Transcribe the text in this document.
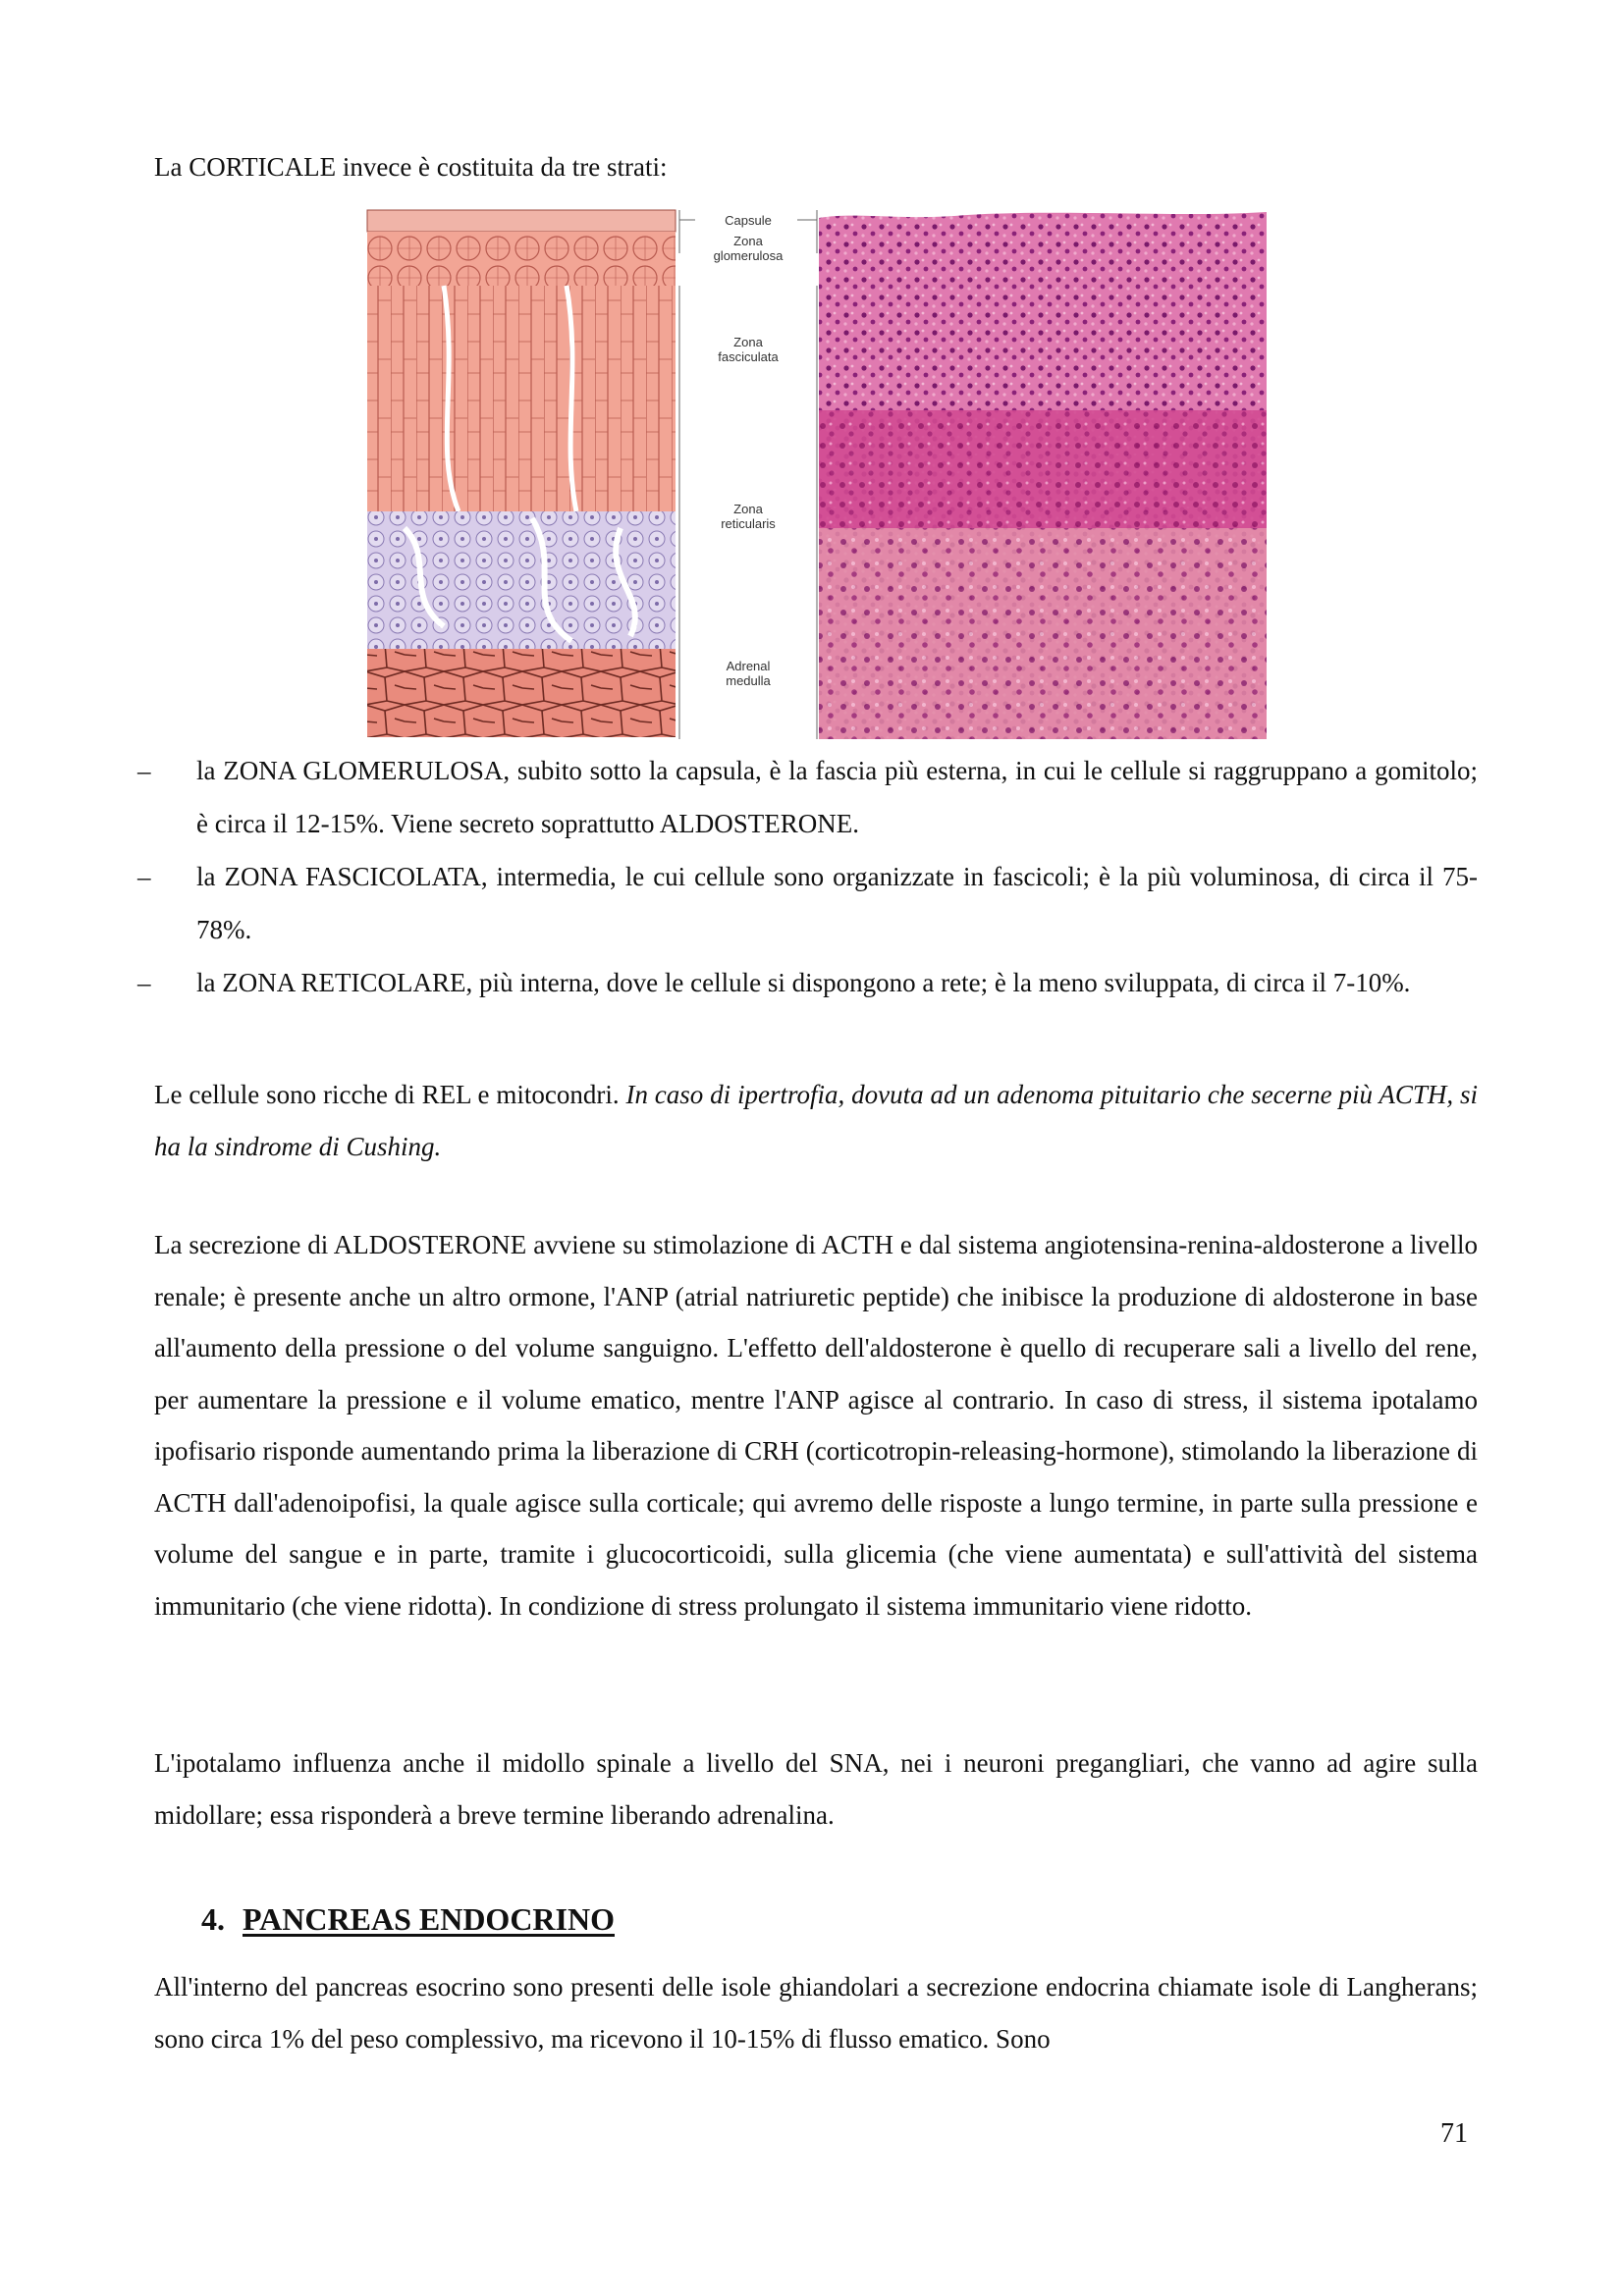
La CORTICALE invece è costituita da tre strati:
Capsule
Zona
glomerulosa
Zona
fasciculata
Zona
reticularis
Adrenal
medulla
–	la ZONA GLOMERULOSA, subito sotto la capsula, è la fascia più esterna, in cui le cellule si raggruppano a gomitolo; è circa il 12-15%. Viene secreto soprattutto ALDOSTERONE.
–	la ZONA FASCICOLATA, intermedia, le cui cellule sono organizzate in fascicoli; è la più voluminosa, di circa il 75-78%.
–	la ZONA RETICOLARE, più interna, dove le cellule si dispongono a rete; è la meno sviluppata, di circa il 7-10%.

Le cellule sono ricche di REL e mitocondri. In caso di ipertrofia, dovuta ad un adenoma pituitario che secerne più ACTH, si ha la sindrome di Cushing.

La secrezione di ALDOSTERONE avviene su stimolazione di ACTH e dal sistema angiotensina-renina-aldosterone a livello renale; è presente anche un altro ormone, l'ANP (atrial natriuretic peptide) che inibisce la produzione di aldosterone in base all'aumento della pressione o del volume sanguigno. L'effetto dell'aldosterone è quello di recuperare sali a livello del rene, per aumentare la pressione e il volume ematico, mentre l'ANP agisce al contrario. In caso di stress, il sistema ipotalamo ipofisario risponde aumentando prima la liberazione di CRH (corticotropin-releasing-hormone), stimolando la liberazione di ACTH dall'adenoipofisi, la quale agisce sulla corticale; qui avremo delle risposte a lungo termine, in parte sulla pressione e volume del sangue e in parte, tramite i glucocorticoidi, sulla glicemia (che viene aumentata) e sull'attività del sistema immunitario (che viene ridotta). In condizione di stress prolungato il sistema immunitario viene ridotto.

L'ipotalamo influenza anche il midollo spinale a livello del SNA, nei i neuroni pregangliari, che vanno ad agire sulla midollare; essa risponderà a breve termine liberando adrenalina.

4. PANCREAS ENDOCRINO

All'interno del pancreas esocrino sono presenti delle isole ghiandolari a secrezione endocrina chiamate isole di Langherans; sono circa 1% del peso complessivo, ma ricevono il 10-15% di flusso ematico. Sono

71
